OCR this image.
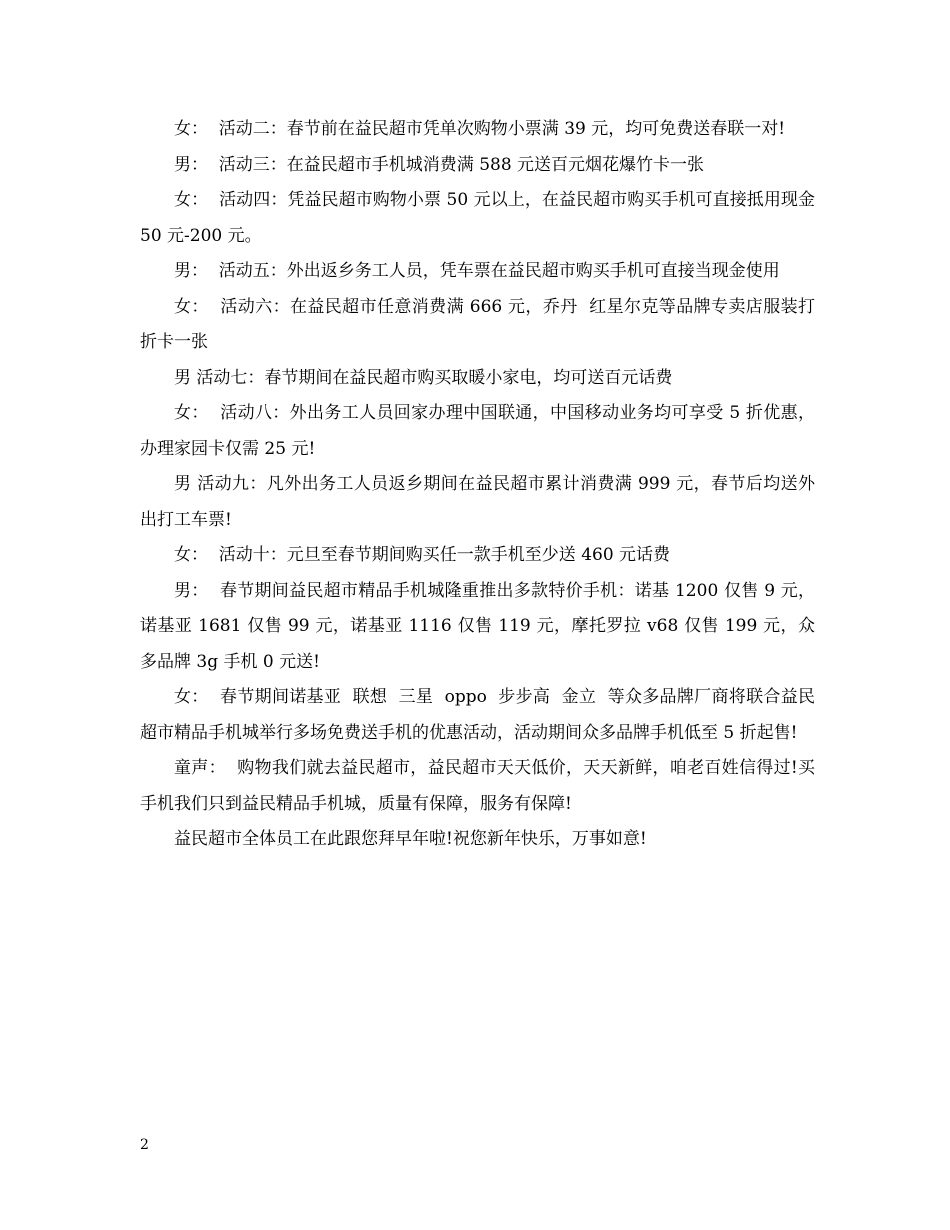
女：  活动二：春节前在益民超市凭单次购物小票满 39 元，均可免费送春联一对!

男：  活动三：在益民超市手机城消费满 588 元送百元烟花爆竹卡一张

女：  活动四：凭益民超市购物小票 50 元以上，在益民超市购买手机可直接抵用现金 50 元-200 元。

男：  活动五：外出返乡务工人员，凭车票在益民超市购买手机可直接当现金使用

女：  活动六：在益民超市任意消费满 666 元，乔丹  红星尔克等品牌专卖店服装打折卡一张

男 活动七：春节期间在益民超市购买取暖小家电，均可送百元话费

女：  活动八：外出务工人员回家办理中国联通，中国移动业务均可享受 5 折优惠，办理家园卡仅需 25 元!

男 活动九：凡外出务工人员返乡期间在益民超市累计消费满 999 元，春节后均送外出打工车票!

女：  活动十：元旦至春节期间购买任一款手机至少送 460 元话费

男：  春节期间益民超市精品手机城隆重推出多款特价手机：诺基 1200 仅售 9 元，诺基亚 1681 仅售 99 元，诺基亚 1116 仅售 119 元，摩托罗拉 v68 仅售 199 元，众多品牌 3g 手机 0 元送!

女：  春节期间诺基亚  联想  三星  oppo  步步高  金立  等众多品牌厂商将联合益民超市精品手机城举行多场免费送手机的优惠活动，活动期间众多品牌手机低至 5 折起售!

童声：  购物我们就去益民超市，益民超市天天低价，天天新鲜，咱老百姓信得过!买手机我们只到益民精品手机城，质量有保障，服务有保障!

益民超市全体员工在此跟您拜早年啦!祝您新年快乐，万事如意!

2
